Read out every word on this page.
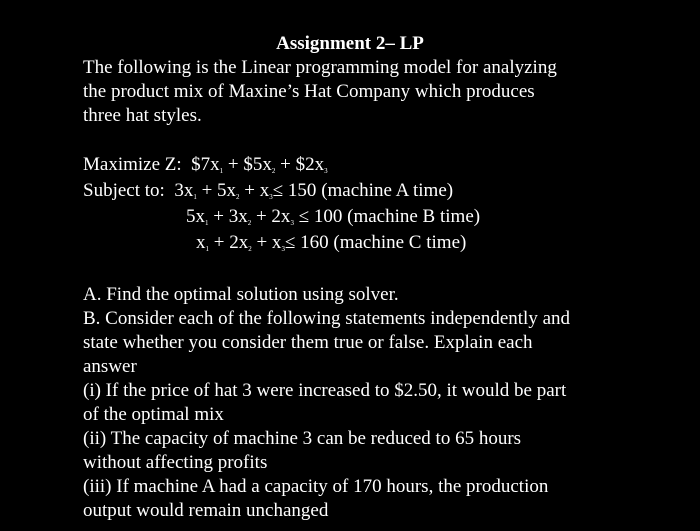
Assignment 2– LP
The following is the Linear programming model for analyzing
the product mix of Maxine’s Hat Company which produces
three hat styles.
Maximize Z: $\$7x_1$ + $\$5x_2$ + $\$2x_3$
Subject to: $3x_1 + 5x_2 + x_3\le 150$ (machine A time)
$5x_1 + 3x_2 + 2x_3 \le 100$ (machine B time)
$x_1 + 2x_2 + x_3\le 160$ (machine C time)
A. Find the optimal solution using solver.
B. Consider each of the following statements independently and
state whether you consider them true or false. Explain each
answer
(i) If the price of hat 3 were increased to $2.50, it would be part
of the optimal mix
(ii) The capacity of machine 3 can be reduced to 65 hours
without affecting profits
(iii) If machine A had a capacity of 170 hours, the production
output would remain unchanged
